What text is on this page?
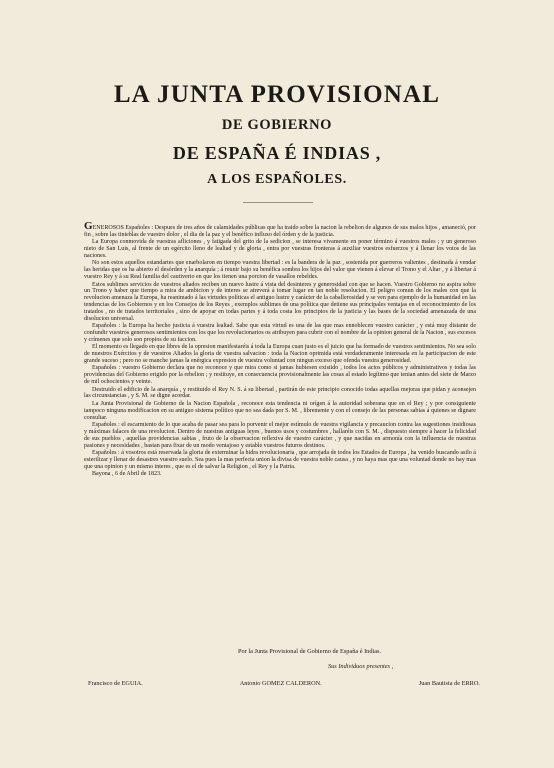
LA JUNTA PROVISIONAL
DE GOBIERNO
DE ESPAÑA É INDIAS ,
A LOS ESPAÑOLES.

GENEROSOS Españoles : Despues de tres años de calamidades públicas que ha traido sobre la nacion la rebelion de algunos de sus malos hijos , amaneció, por fin , sobre las tinieblas de vuestro dolor , el dia de la paz y el benéfico influxo del órden y de la justicia.

La Europa conmovida de vuestras afliciones , y fatigada del grito de la sedicion , se interesa vivamente en poner término á vuestros males ; y un generoso nieto de San Luis, al frente de un egército lleno de lealtad y de gloria , entra por vuestras fronteras á auxiliar vuestros esfuerzos y á llenar los votos de las naciones.

No son estos aquellos estandartes que enarbolaron en tiempo vuestra libertad : es la bandera de la paz , sostenida por guerreros valientes , destinada á vendar las heridas que os ha abierto el desórden y la anarquía ; á reunir bajo su benéfica sombra los hijos del valor que vienen á elevar el Trono y el Altar , y á libertar á vuestro Rey y á su Real familia del cautiverio en que los tienen una porcion de vasallos rebeldes.

Estos sublimes servicios de vuestros aliados reciben un nuevo lustre á vista del desinteres y generosidad con que se hacen. Vuestro Gobierno no aspira sobre un Trono y haber que tiempo a mira de ambicion y de interes se atreverá á tomar lugar en tan noble resolucion. El peligro comun de los males con que la revolucion amenaza la Europa, ha reanimado á las virtudes políticas el antiguo lustre y carácter de la caballerosidad y se ven para ejemplo de la humanidad en las tendencias de los Gobiernos y en los Consejos de los Reyes , exemplos sublimes de una política que detiene sus principales ventajas en el reconocimiento de los tratados , no de tratados territoriales , sino de apoyar en todas partes y á toda costa los principios de la justicia y las bases de la sociedad amenazada de una disolucion universal.

Españoles : la Europa ha hecho justicia á vuestra lealtad. Sabe que esta virtud es una de las que mas ennoblecen vuestro carácter , y está muy distante de confundir vuestros generosos sentimientos con los que los revolucionarios os atribuyen para cubrir con el nombre de la opinion general de la Nacion , sus excesos y crímenes que solo son propios de su faccion.

El momento es llegado en que libres de la opresion manifestaréis á toda la Europa cuan justo es el juicio que ha formado de vuestros sentimientos. No sea solo de nuestros Exércitos y de vuestros Aliados la gloria de vuestra salvacion : toda la Nacion oprimida está verdaderamente interesada en la participacion de este grande suceso ; pero no se manche jamas la enérgica expresion de vuestra voluntad con ningun exceso que ofenda vuestra generosidad.

Españoles : vuestro Gobierno declara que no reconoce y que mira como si jamas hubiesen existido , todos los actos públicos y administrativos y todas las providencias del Gobierno erigido por la rebelion ; y restituye, en consecuencia provisionalmente las cosas al estado legítimo que tenian antes del siete de Marzo de mil ochocientos y veinte.

Destruido el edificio de la anarquía , y restituido el Rey N. S. á su libertad , partirán de este principio conocido todas aquellas mejoras que pidan y aconsejen las circunstancias , y S. M. se digne acordar.

La Junta Provisional de Gobierno de la Nacion Española , reconoce esta tendencia ni orígen á la autoridad soberana que en el Rey ; y por consiguiente tampoco ninguna modificacion en su antiguo sistema político que no sea dada por S. M. , libremente y con el consejo de las personas sabias á quienes se dignare consultar.

Españoles : el escarmiento de lo que acaba de pasar sea para lo porvenir el mejor estímulo de vuestra vigilancia y precaucion contra las sugestiones insidiosas y máximas falaces de una revolucion. Dentro de nuestras antiguas leyes , buenos usos y costumbres , hallaréis con S. M. , dispuesto siempre á hacer la felicidad de sus pueblos , aquellas providencias sabias , fruto de la observacion reflexiva de vuestro carácter , y que nacidas en armonía con la influencia de nuestras pasiones y necesidades , bastan para fixar de un modo ventajoso y estable vuestros futuros destinos.

Españoles : á vosotros está reservada la gloria de exterminar la hidra revolucionaria , que arrojada de todos los Estados de Europa , ha venido buscando asilo á esterilizar y llenar de desastres vuestro suelo. Sea pues la mas perfecta union la divisa de vuestra noble causa , y no haya mas que una voluntad donde no hay mas que una opinion y un mismo interes , que es el de salvar la Religion , el Rey y la Patria.

Bayona , 6 de Abril de 1823.

Por la Junta Provisional de Gobierno de España é Indias.
Sus Individuos presentes ,
Francisco de EGUIA.	Antonio GOMEZ CALDERON.	Juan Bautista de ERRO.
